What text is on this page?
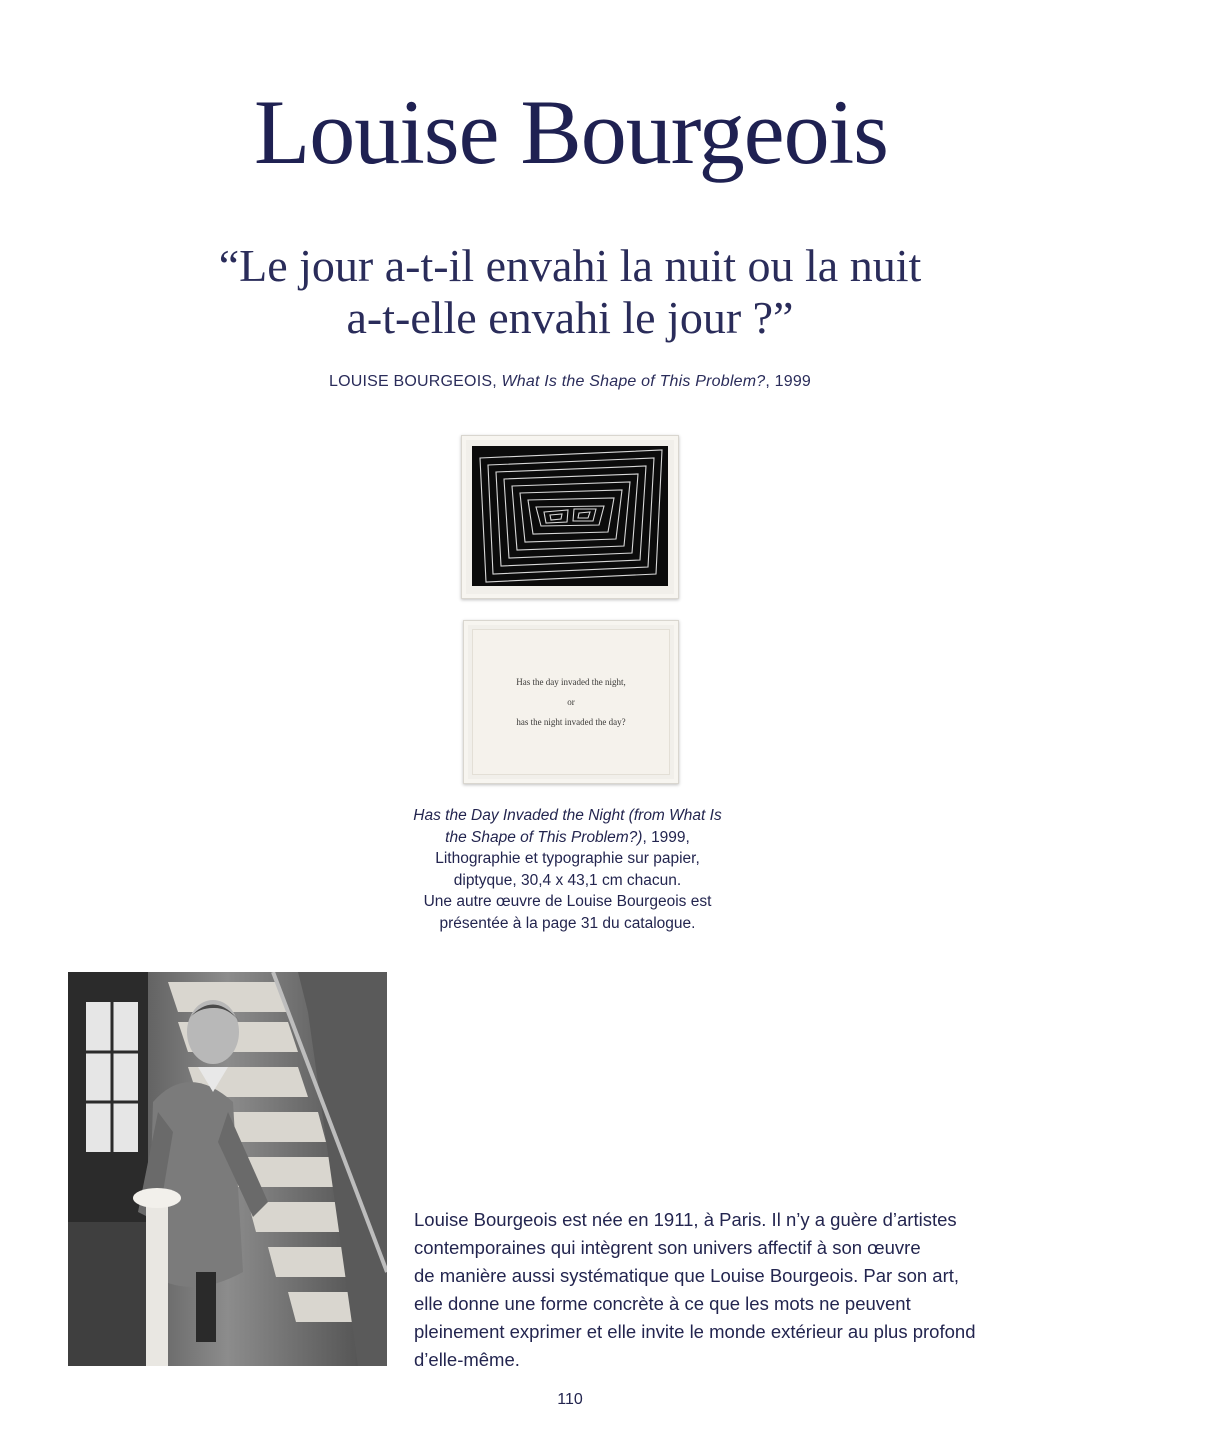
Louise Bourgeois
“Le jour a-t-il envahi la nuit ou la nuit
a-t-elle envahi le jour ?”
LOUISE BOURGEOIS, What Is the Shape of This Problem?, 1999
Has the day invaded the night,
or
has the night invaded the day?
Has the Day Invaded the Night (from What Is
the Shape of This Problem?), 1999,
Lithographie et typographie sur papier,
diptyque, 30,4 x 43,1 cm chacun.
Une autre œuvre de Louise Bourgeois est
présentée à la page 31 du catalogue.
Louise Bourgeois est née en 1911, à Paris. Il n’y a guère d’artistes
contemporaines qui intègrent son univers affectif à son œuvre
de manière aussi systématique que Louise Bourgeois. Par son art,
elle donne une forme concrète à ce que les mots ne peuvent
pleinement exprimer et elle invite le monde extérieur au plus profond
d’elle-même.
110
